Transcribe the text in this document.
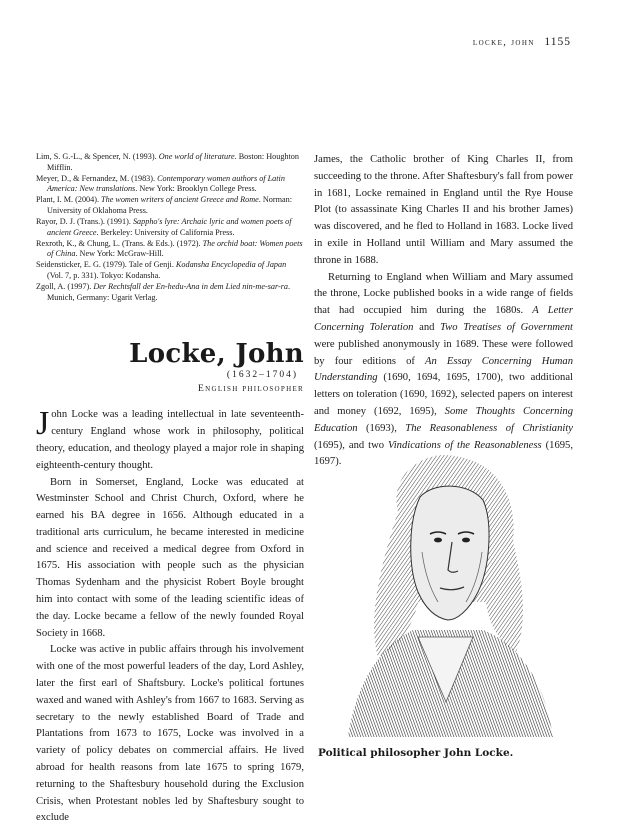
locke, john 1155

Lim, S. G.-L., & Spencer, N. (1993). One world of literature. Boston: Houghton Mifflin.

Meyer, D., & Fernandez, M. (1983). Contemporary women authors of Latin America: New translations. New York: Brooklyn College Press.

Plant, I. M. (2004). The women writers of ancient Greece and Rome. Norman: University of Oklahoma Press.

Rayor, D. J. (Trans.). (1991). Sappho's lyre: Archaic lyric and women poets of ancient Greece. Berkeley: University of California Press.

Rexroth, K., & Chung, L. (Trans. & Eds.). (1972). The orchid boat: Women poets of China. New York: McGraw-Hill.

Seidensticker, E. G. (1979). Tale of Genji. Kodansha Encyclopedia of Japan (Vol. 7, p. 331). Tokyo: Kodansha.

Zgoll, A. (1997). Der Rechtsfall der En-hedu-Ana in dem Lied nin-me-sar-ra. Munich, Germany: Ugarit Verlag.

Locke, John
(1632–1704)
English philosopher

John Locke was a leading intellectual in late seventeenth-century England whose work in philosophy, political theory, education, and theology played a major role in shaping eighteenth-century thought.

Born in Somerset, England, Locke was educated at Westminster School and Christ Church, Oxford, where he earned his BA degree in 1656. Although educated in a traditional arts curriculum, he became interested in medicine and science and received a medical degree from Oxford in 1675. His association with people such as the physician Thomas Sydenham and the physicist Robert Boyle brought him into contact with some of the leading scientific ideas of the day. Locke became a fellow of the newly founded Royal Society in 1668.

Locke was active in public affairs through his involvement with one of the most powerful leaders of the day, Lord Ashley, later the first earl of Shaftsbury. Locke's political fortunes waxed and waned with Ashley's from 1667 to 1683. Serving as secretary to the newly established Board of Trade and Plantations from 1673 to 1675, Locke was involved in a variety of policy debates on commercial affairs. He lived abroad for health reasons from late 1675 to spring 1679, returning to the Shaftesbury household during the Exclusion Crisis, when Protestant nobles led by Shaftesbury sought to exclude

James, the Catholic brother of King Charles II, from succeeding to the throne. After Shaftesbury's fall from power in 1681, Locke remained in England until the Rye House Plot (to assassinate King Charles II and his brother James) was discovered, and he fled to Holland in 1683. Locke lived in exile in Holland until William and Mary assumed the throne in 1688.

Returning to England when William and Mary assumed the throne, Locke published books in a wide range of fields that had occupied him during the 1680s. A Letter Concerning Toleration and Two Treatises of Government were published anonymously in 1689. These were followed by four editions of An Essay Concerning Human Understanding (1690, 1694, 1695, 1700), two additional letters on toleration (1690, 1692), selected papers on interest and money (1692, 1695), Some Thoughts Concerning Education (1693), The Reasonableness of Christianity (1695), and two Vindications of the Reasonableness (1695, 1697).

Political philosopher John Locke.
